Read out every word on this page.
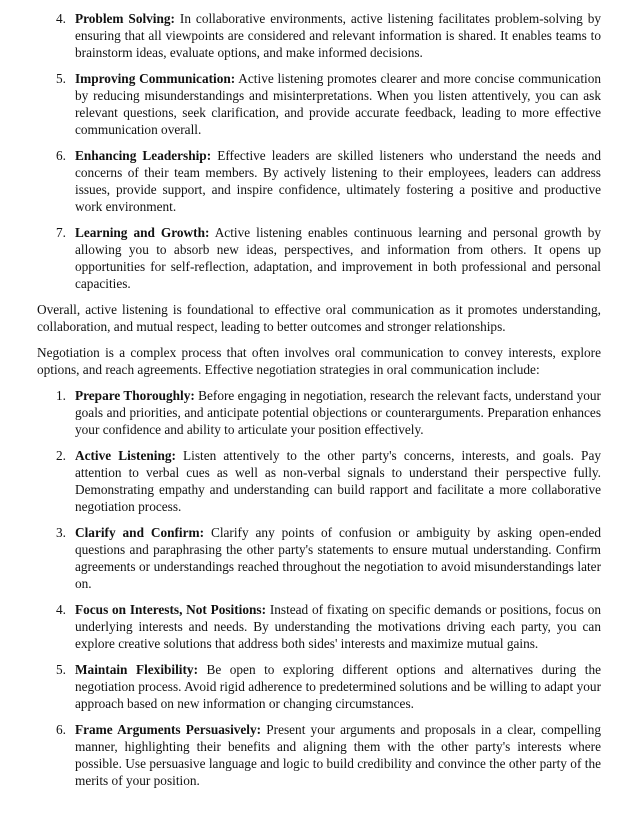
4. Problem Solving: In collaborative environments, active listening facilitates problem-solving by ensuring that all viewpoints are considered and relevant information is shared. It enables teams to brainstorm ideas, evaluate options, and make informed decisions.
5. Improving Communication: Active listening promotes clearer and more concise communication by reducing misunderstandings and misinterpretations. When you listen attentively, you can ask relevant questions, seek clarification, and provide accurate feedback, leading to more effective communication overall.
6. Enhancing Leadership: Effective leaders are skilled listeners who understand the needs and concerns of their team members. By actively listening to their employees, leaders can address issues, provide support, and inspire confidence, ultimately fostering a positive and productive work environment.
7. Learning and Growth: Active listening enables continuous learning and personal growth by allowing you to absorb new ideas, perspectives, and information from others. It opens up opportunities for self-reflection, adaptation, and improvement in both professional and personal capacities.

Overall, active listening is foundational to effective oral communication as it promotes understanding, collaboration, and mutual respect, leading to better outcomes and stronger relationships.

Negotiation is a complex process that often involves oral communication to convey interests, explore options, and reach agreements. Effective negotiation strategies in oral communication include:

1. Prepare Thoroughly: Before engaging in negotiation, research the relevant facts, understand your goals and priorities, and anticipate potential objections or counterarguments. Preparation enhances your confidence and ability to articulate your position effectively.
2. Active Listening: Listen attentively to the other party's concerns, interests, and goals. Pay attention to verbal cues as well as non-verbal signals to understand their perspective fully. Demonstrating empathy and understanding can build rapport and facilitate a more collaborative negotiation process.
3. Clarify and Confirm: Clarify any points of confusion or ambiguity by asking open-ended questions and paraphrasing the other party's statements to ensure mutual understanding. Confirm agreements or understandings reached throughout the negotiation to avoid misunderstandings later on.
4. Focus on Interests, Not Positions: Instead of fixating on specific demands or positions, focus on underlying interests and needs. By understanding the motivations driving each party, you can explore creative solutions that address both sides' interests and maximize mutual gains.
5. Maintain Flexibility: Be open to exploring different options and alternatives during the negotiation process. Avoid rigid adherence to predetermined solutions and be willing to adapt your approach based on new information or changing circumstances.
6. Frame Arguments Persuasively: Present your arguments and proposals in a clear, compelling manner, highlighting their benefits and aligning them with the other party's interests where possible. Use persuasive language and logic to build credibility and convince the other party of the merits of your position.
